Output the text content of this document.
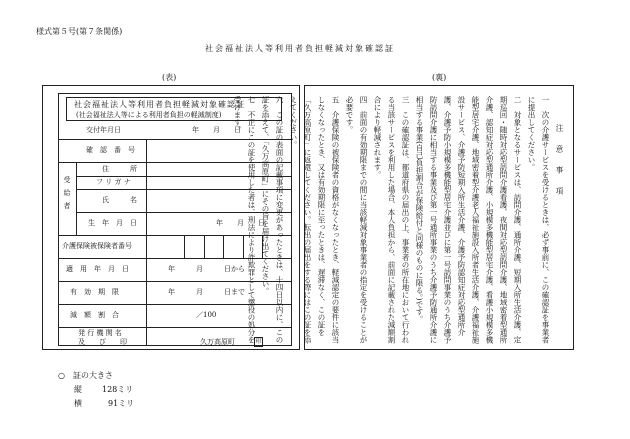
様式第５号(第７条関係)
社会福祉法人等利用者負担軽減対象確認証
(表)	(裏)
社会福祉法人等利用者負担軽減対象確認証
(社会福祉法人等による利用者負担の軽減制度)
交付年月日	年　　月　　日
確　認　番　号
受給者
住　　　所
フ リ ガ ナ
氏　　　名
生　年　月　日	年　　月　　日
介護保険被保険者番号
適　用　年　月　日	年　　　月　　　日から
有　効　期　限	年　　　月　　　日まで
減　額　割　合	／100
発 行 機 関 名
及　　び　　印	久万高原町	印
注　意　事　項
一　次の介護サービスを受けるときは、必ず事前に、この確認証を事業者に提出してください。
二　対象となるサービスは、訪問介護、通所介護、短期入所生活介護、定期巡回・随時対応型訪問介護看護、夜間対応型訪問介護、地域密着型通所介護、認知症対応型通所介護、小規模多機能型居宅介護、看護小規模多機能型居宅介護、地域密着型介護老人福祉施設入所者生活介護、介護福祉施設サービス、介護予防短期入所生活介護、介護予防認知症対応型通所介護、介護予防小規模多機能型居宅介護並びに第一号訪問事業のうち介護予防訪問介護に相当する事業及び第一号通所事業のうち介護予防通所介護に相当する事業(自己負担割合が保険給付と同様のものに限る。)です。
三　この確認証は、都道府県の届出の上、事業者の所在地において行われる当該サービスを利用した場合、本人負担から、前面に記載された減額割合により軽減されます。
四　前面の有効期限までの間に当該軽減対象事業者の指定を受けることが必要です。
五　介護保険の被保険者の資格がなくなったとき、軽減認定の要件に該当しなくなったとき、又は有効期限に至ったときは、遅滞なく、この証を「久万高原町」に返還してください。転出の届出をする際にはこの証を添えてください。
六　この証の表面の記載事項に変更があったときは、十四日以内に、この証を添えて、「久万高原町」にその旨を届け出てください。
七　不正にこの証を使用した者は、刑法により詐欺罪として懲役の処分を受けます。
○　証の大きさ
縦	128ミリ
横	91ミリ
